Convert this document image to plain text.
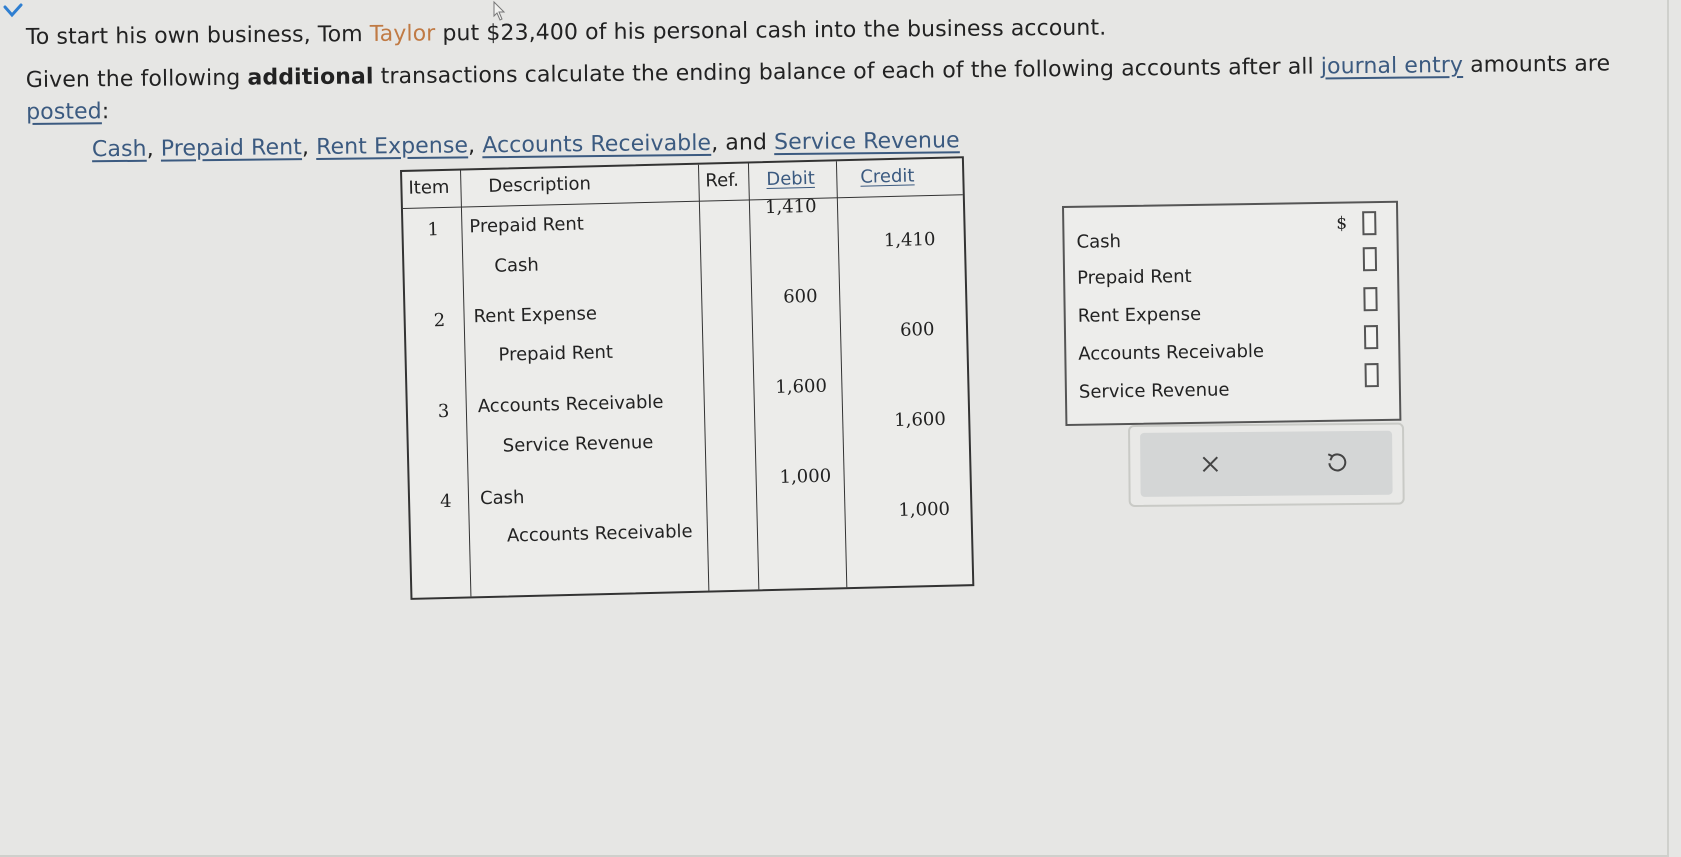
To start his own business, Tom Taylor put $23,400 of his personal cash into the business account.
Given the following additional transactions calculate the ending balance of each of the following accounts after all journal entry amounts are posted:
Cash, Prepaid Rent, Rent Expense, Accounts Receivable, and Service Revenue
Item Description	Ref. Debit	Credit
1 Prepaid Rent
Cash
1,410
1,410
2 Rent Expense
Prepaid Rent
600
600
3 Accounts Receivable
Service Revenue
1,600
1,600
4 Cash
Accounts Receivable
1,000
1,000
$
Cash
Prepaid Rent
Rent Expense
Accounts Receivable
Service Revenue
